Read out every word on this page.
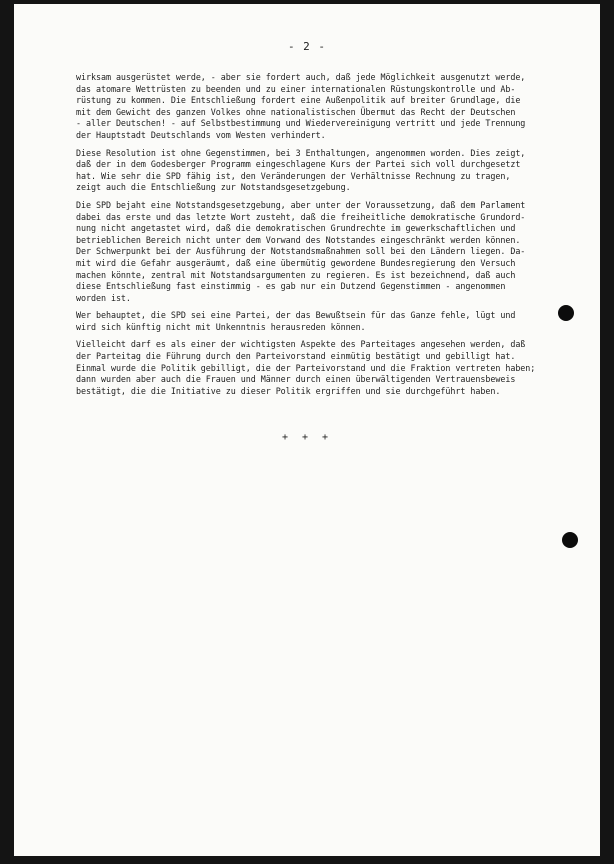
- 2 -
wirksam ausgerüstet werde, - aber sie fordert auch, daß jede Möglichkeit ausgenutzt werde,
das atomare Wettrüsten zu beenden und zu einer internationalen Rüstungskontrolle und Ab-
rüstung zu kommen. Die Entschließung fordert eine Außenpolitik auf breiter Grundlage, die
mit dem Gewicht des ganzen Volkes ohne nationalistischen Übermut das Recht der Deutschen
- aller Deutschen! - auf Selbstbestimmung und Wiedervereinigung vertritt und jede Trennung
der Hauptstadt Deutschlands vom Westen verhindert.
Diese Resolution ist ohne Gegenstimmen, bei 3 Enthaltungen, angenommen worden. Dies zeigt,
daß der in dem Godesberger Programm eingeschlagene Kurs der Partei sich voll durchgesetzt
hat. Wie sehr die SPD fähig ist, den Veränderungen der Verhältnisse Rechnung zu tragen,
zeigt auch die Entschließung zur Notstandsgesetzgebung.
Die SPD bejaht eine Notstandsgesetzgebung, aber unter der Voraussetzung, daß dem Parlament
dabei das erste und das letzte Wort zusteht, daß die freiheitliche demokratische Grundord-
nung nicht angetastet wird, daß die demokratischen Grundrechte im gewerkschaftlichen und
betrieblichen Bereich nicht unter dem Vorwand des Notstandes eingeschränkt werden können.
Der Schwerpunkt bei der Ausführung der Notstandsmaßnahmen soll bei den Ländern liegen. Da-
mit wird die Gefahr ausgeräumt, daß eine übermütig gewordene Bundesregierung den Versuch
machen könnte, zentral mit Notstandsargumenten zu regieren. Es ist bezeichnend, daß auch
diese Entschließung fast einstimmig - es gab nur ein Dutzend Gegenstimmen - angenommen
worden ist.
Wer behauptet, die SPD sei eine Partei, der das Bewußtsein für das Ganze fehle, lügt und
wird sich künftig nicht mit Unkenntnis herausreden können.
Vielleicht darf es als einer der wichtigsten Aspekte des Parteitages angesehen werden, daß
der Parteitag die Führung durch den Parteivorstand einmütig bestätigt und gebilligt hat.
Einmal wurde die Politik gebilligt, die der Parteivorstand und die Fraktion vertreten haben;
dann wurden aber auch die Frauen und Männer durch einen überwältigenden Vertrauensbeweis
bestätigt, die die Initiative zu dieser Politik ergriffen und sie durchgeführt haben.
+ + +
